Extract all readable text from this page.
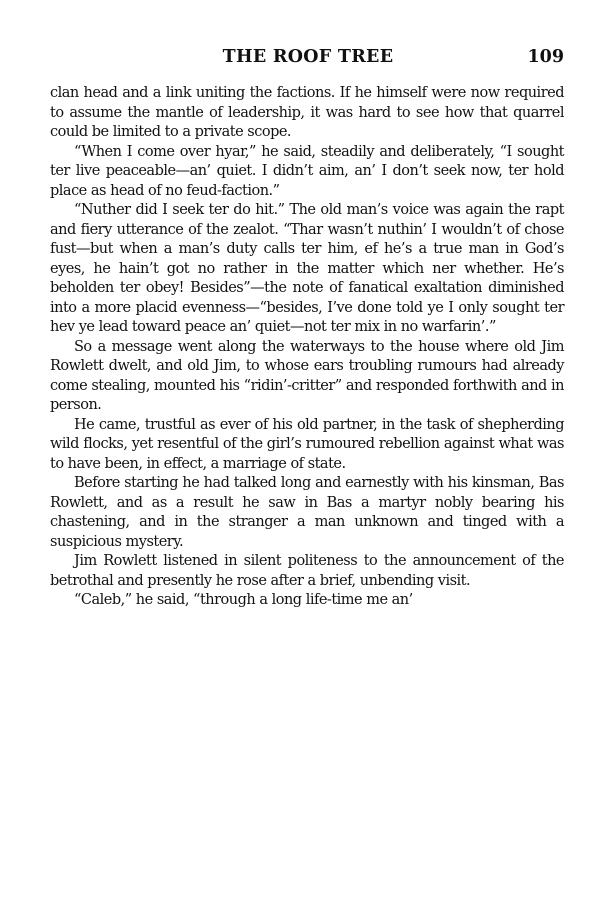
THE ROOF TREE	109

clan head and a link uniting the factions. If he himself were now required to assume the mantle of leadership, it was hard to see how that quarrel could be limited to a private scope.

“When I come over hyar,” he said, steadily and deliberately, “I sought ter live peaceable—an’ quiet. I didn’t aim, an’ I don’t seek now, ter hold place as head of no feud-faction.”

“Nuther did I seek ter do hit.” The old man’s voice was again the rapt and fiery utterance of the zealot. “Thar wasn’t nuthin’ I wouldn’t of chose fust—but when a man’s duty calls ter him, ef he’s a true man in God’s eyes, he hain’t got no rather in the matter which ner whether. He’s beholden ter obey! Besides”—the note of fanatical exaltation diminished into a more placid evenness—“besides, I’ve done told ye I only sought ter hev ye lead toward peace an’ quiet—not ter mix in no warfarin’.”

So a message went along the waterways to the house where old Jim Rowlett dwelt, and old Jim, to whose ears troubling rumours had already come stealing, mounted his “ridin’-critter” and responded forthwith and in person.

He came, trustful as ever of his old partner, in the task of shepherding wild flocks, yet resentful of the girl’s rumoured rebellion against what was to have been, in effect, a marriage of state.

Before starting he had talked long and earnestly with his kinsman, Bas Rowlett, and as a result he saw in Bas a martyr nobly bearing his chastening, and in the stranger a man unknown and tinged with a suspicious mystery.

Jim Rowlett listened in silent politeness to the announcement of the betrothal and presently he rose after a brief, unbending visit.

“Caleb,” he said, “through a long life-time me an’
